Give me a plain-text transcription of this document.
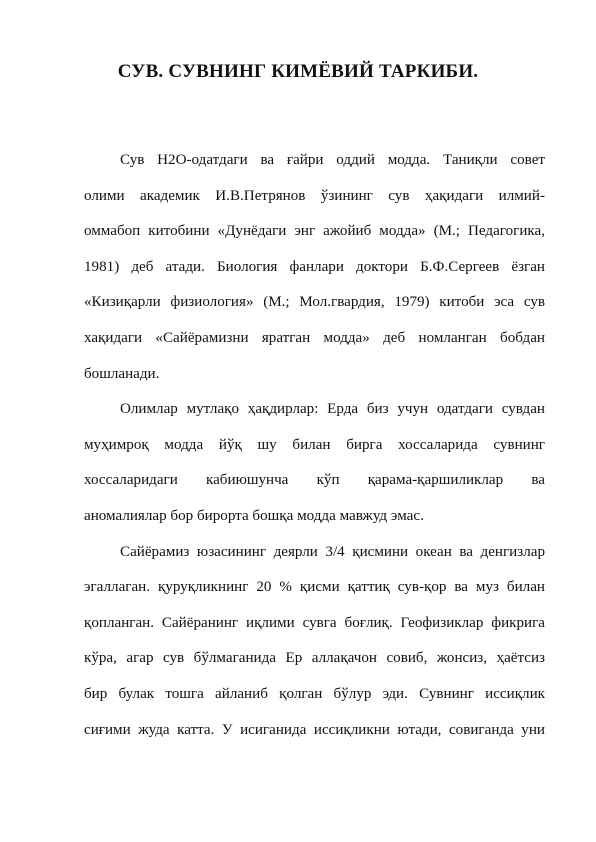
СУВ. СУВНИНГ КИМЁВИЙ ТАРКИБИ.

Сув Н2О-одатдаги ва ғайри оддий модда. Таниқли совет
олими академик И.В.Петрянов ўзининг сув ҳақидаги илмий-
оммабоп китобини «Дунёдаги энг ажойиб модда» (М.; Педагогика,
1981) деб атади. Биология фанлари доктори Б.Ф.Сергеев ёзган
«Кизиқарли физиология» (М.; Мол.гвардия, 1979) китоби эса сув
хақидаги «Сайёрамизни яратган модда» деб номланган бобдан
бошланади.

Олимлар мутлақо ҳақдирлар: Ерда биз учун одатдаги сувдан
муҳимроқ модда йўқ шу билан бирга хоссаларида сувнинг
хоссаларидаги кабиюшунча кўп қарама-қаршиликлар ва
аномалиялар бор бирорта бошқа модда мавжуд эмас.

Сайёрамиз юзасининг деярли 3/4 қисмини океан ва денгизлар
эгаллаган. қуруқликнинг 20 % қисми қаттиқ сув-қор ва муз билан
қопланган. Сайёранинг иқлими сувга боғлиқ. Геофизиклар фикрига
кўра, агар сув бўлмаганида Ер аллақачон совиб, жонсиз, ҳаётсиз
бир булак тошга айланиб қолган бўлур эди. Сувнинг иссиқлик
сиғими жуда катта. У исиганида иссиқликни ютади, совиганда уни
